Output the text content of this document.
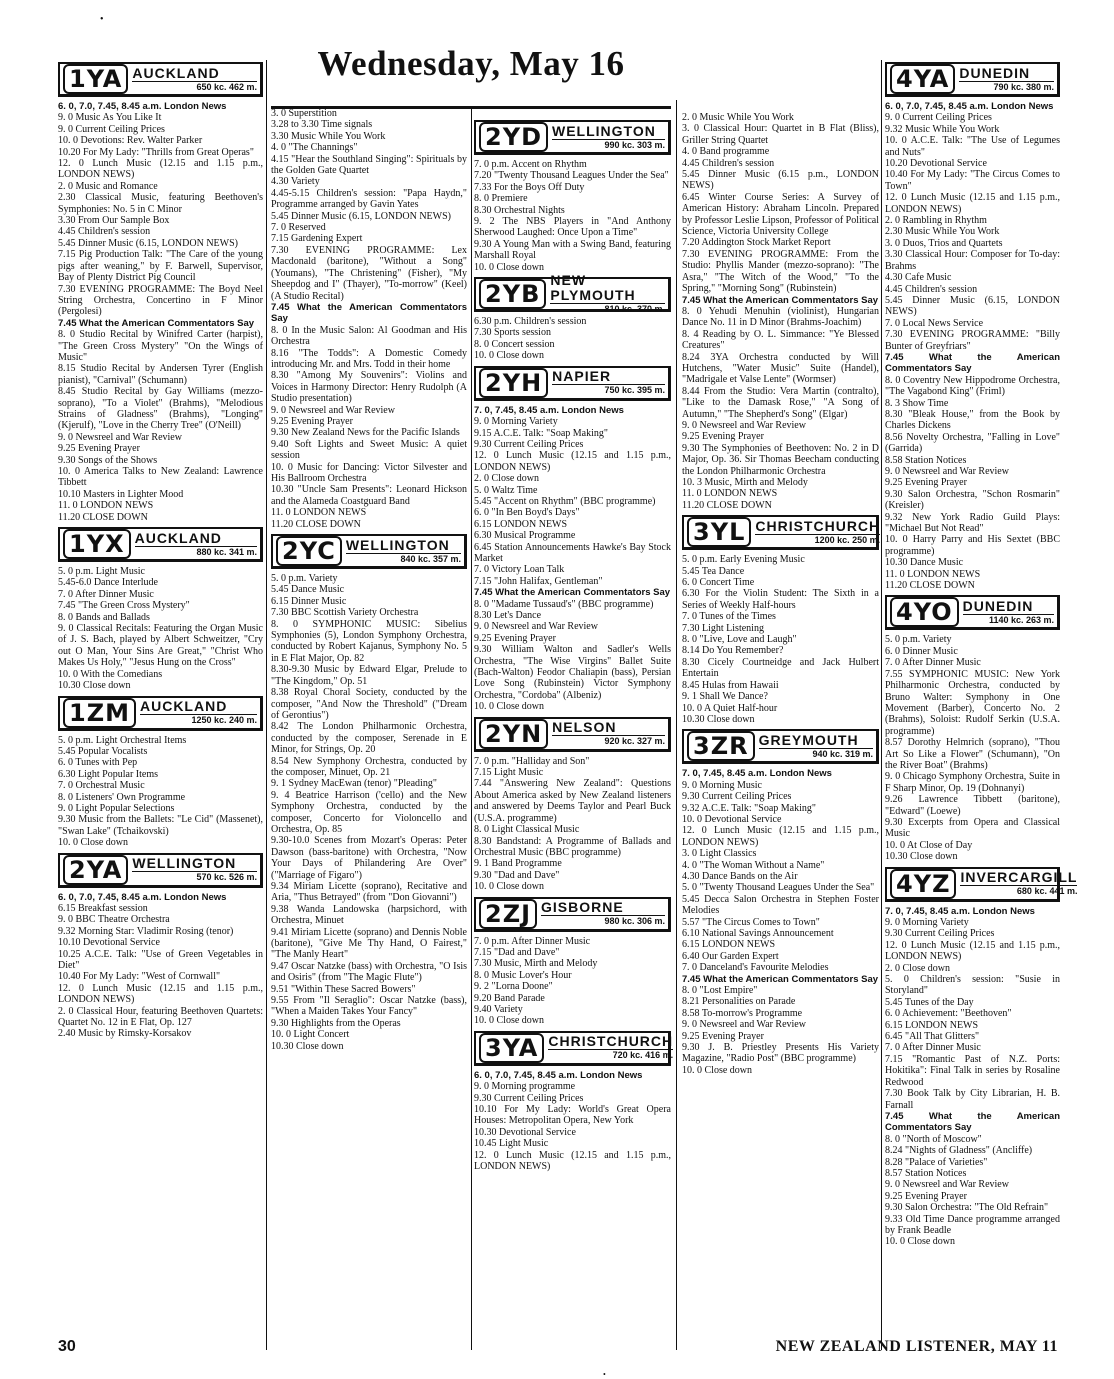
•
1YA AUCKLAND
650 kc. 462 m.

6. 0, 7.0, 7.45, 8.45 a.m. London News

9. 0 Music As You Like It

9. 0 Current Ceiling Prices

10. 0 Devotions: Rev. Walter Parker

10.20 For My Lady: "Thrills from Great Operas"

12. 0 Lunch Music (12.15 and 1.15 p.m., LONDON NEWS)

2. 0 Music and Romance

2.30 Classical Music, featuring Beethoven's Symphonies: No. 5 in C Minor

3.30 From Our Sample Box

4.45 Children's session

5.45 Dinner Music (6.15, LONDON NEWS)

7.15 Pig Production Talk: "The Care of the young pigs after weaning," by F. Barwell, Supervisor, Bay of Plenty District Pig Council

7.30 EVENING PROGRAMME: The Boyd Neel String Orchestra, Concertino in F Minor (Pergolesi)

7.45 What the American Commentators Say

8. 0 Studio Recital by Winifred Carter (harpist), "The Green Cross Mystery" "On the Wings of Music"

8.15 Studio Recital by Andersen Tyrer (English pianist), "Carnival" (Schumann)

8.45 Studio Recital by Gay Williams (mezzo-soprano), "To a Violet" (Brahms), "Melodious Strains of Gladness" (Brahms), "Longing" (Kjerulf), "Love in the Cherry Tree" (O'Neill)

9. 0 Newsreel and War Review

9.25 Evening Prayer

9.30 Songs of the Shows

10. 0 America Talks to New Zealand: Lawrence Tibbett

10.10 Masters in Lighter Mood

11. 0 LONDON NEWS

11.20 CLOSE DOWN

1YX AUCKLAND
880 kc. 341 m.

5. 0 p.m. Light Music

5.45-6.0 Dance Interlude

7. 0 After Dinner Music

7.45 "The Green Cross Mystery"

8. 0 Bands and Ballads

9. 0 Classical Recitals: Featuring the Organ Music of J. S. Bach, played by Albert Schweitzer, "Cry out O Man, Your Sins Are Great," "Christ Who Makes Us Holy," "Jesus Hung on the Cross"

10. 0 With the Comedians

10.30 Close down

1ZM AUCKLAND
1250 kc. 240 m.

5. 0 p.m. Light Orchestral Items

5.45 Popular Vocalists

6. 0 Tunes with Pep

6.30 Light Popular Items

7. 0 Orchestral Music

8. 0 Listeners' Own Programme

9. 0 Light Popular Selections

9.30 Music from the Ballets: "Le Cid" (Massenet), "Swan Lake" (Tchaikovski)

10. 0 Close down

2YA WELLINGTON
570 kc. 526 m.

6. 0, 7.0, 7.45, 8.45 a.m. London News

6.15 Breakfast session

9. 0 BBC Theatre Orchestra

9.32 Morning Star: Vladimir Rosing (tenor)

10.10 Devotional Service

10.25 A.C.E. Talk: "Use of Green Vegetables in Diet"

10.40 For My Lady: "West of Cornwall"

12. 0 Lunch Music (12.15 and 1.15 p.m., LONDON NEWS)

2. 0 Classical Hour, featuring Beethoven Quartets: Quartet No. 12 in E Flat, Op. 127

2.40 Music by Rimsky-Korsakov

Wednesday, May 16

3. 0 Superstition

3.28 to 3.30 Time signals

3.30 Music While You Work

4. 0 "The Channings"

4.15 "Hear the Southland Singing": Spirituals by the Golden Gate Quartet

4.30 Variety

4.45-5.15 Children's session: "Papa Haydn," Programme arranged by Gavin Yates

5.45 Dinner Music (6.15, LONDON NEWS)

7. 0 Reserved

7.15 Gardening Expert

7.30 EVENING PROGRAMME: Lex Macdonald (baritone), "Without a Song" (Youmans), "The Christening" (Fisher), "My Sheepdog and I" (Thayer), "To-morrow" (Keel) (A Studio Recital)

7.45 What the American Commentators Say

8. 0 In the Music Salon: Al Goodman and His Orchestra

8.16 "The Todds": A Domestic Comedy introducing Mr. and Mrs. Todd in their home

8.30 "Among My Souvenirs": Violins and Voices in Harmony Director: Henry Rudolph (A Studio presentation)

9. 0 Newsreel and War Review

9.25 Evening Prayer

9.30 New Zealand News for the Pacific Islands

9.40 Soft Lights and Sweet Music: A quiet session

10. 0 Music for Dancing: Victor Silvester and His Ballroom Orchestra

10.30 "Uncle Sam Presents": Leonard Hickson and the Alameda Coastguard Band

11. 0 LONDON NEWS

11.20 CLOSE DOWN

2YC WELLINGTON
840 kc. 357 m.

5. 0 p.m. Variety

5.45 Dance Music

6.15 Dinner Music

7.30 BBC Scottish Variety Orchestra

8. 0 SYMPHONIC MUSIC: Sibelius Symphonies (5), London Symphony Orchestra, conducted by Robert Kajanus, Symphony No. 5 in E Flat Major, Op. 82

8.30-9.30 Music by Edward Elgar, Prelude to "The Kingdom," Op. 51

8.38 Royal Choral Society, conducted by the composer, "And Now the Threshold" ("Dream of Gerontius")

8.42 The London Philharmonic Orchestra, conducted by the composer, Serenade in E Minor, for Strings, Op. 20

8.54 New Symphony Orchestra, conducted by the composer, Minuet, Op. 21

9. 1 Sydney MacEwan (tenor) "Pleading"

9. 4 Beatrice Harrison ('cello) and the New Symphony Orchestra, conducted by the composer, Concerto for Violoncello and Orchestra, Op. 85

9.30-10.0 Scenes from Mozart's Operas: Peter Dawson (bass-baritone) with Orchestra, "Now Your Days of Philandering Are Over" ("Marriage of Figaro")

9.34 Miriam Licette (soprano), Recitative and Aria, "Thus Betrayed" (from "Don Giovanni")

9.38 Wanda Landowska (harpsichord, with Orchestra, Minuet

9.41 Miriam Licette (soprano) and Dennis Noble (baritone), "Give Me Thy Hand, O Fairest," "The Manly Heart"

9.47 Oscar Natzke (bass) with Orchestra, "O Isis and Osiris" (from "The Magic Flute")

9.51 "Within These Sacred Bowers"

9.55 From "Il Seraglio": Oscar Natzke (bass), "When a Maiden Takes Your Fancy"

9.30 Highlights from the Operas

10. 0 Light Concert

10.30 Close down

2YD WELLINGTON
990 kc. 303 m.

7. 0 p.m. Accent on Rhythm

7.20 "Twenty Thousand Leagues Under the Sea"

7.33 For the Boys Off Duty

8. 0 Premiere

8.30 Orchestral Nights

9. 2 The NBS Players in "And Anthony Sherwood Laughed: Once Upon a Time"

9.30 A Young Man with a Swing Band, featuring Marshall Royal

10. 0 Close down

2YB NEW PLYMOUTH
810 kc. 370 m.

6.30 p.m. Children's session

7.30 Sports session

8. 0 Concert session

10. 0 Close down

2YH NAPIER
750 kc. 395 m.

7. 0, 7.45, 8.45 a.m. London News

9. 0 Morning Variety

9.15 A.C.E. Talk: "Soap Making"

9.30 Current Ceiling Prices

12. 0 Lunch Music (12.15 and 1.15 p.m., LONDON NEWS)

2. 0 Close down

5. 0 Waltz Time

5.45 "Accent on Rhythm" (BBC programme)

6. 0 "In Ben Boyd's Days"

6.15 LONDON NEWS

6.30 Musical Programme

6.45 Station Announcements Hawke's Bay Stock Market

7. 0 Victory Loan Talk

7.15 "John Halifax, Gentleman"

7.45 What the American Commentators Say

8. 0 "Madame Tussaud's" (BBC programme)

8.30 Let's Dance

9. 0 Newsreel and War Review

9.25 Evening Prayer

9.30 William Walton and Sadler's Wells Orchestra, "The Wise Virgins" Ballet Suite (Bach-Walton) Feodor Chaliapin (bass), Persian Love Song (Rubinstein) Victor Symphony Orchestra, "Cordoba" (Albeniz)

10. 0 Close down

2YN NELSON
920 kc. 327 m.

7. 0 p.m. "Halliday and Son"

7.15 Light Music

7.44 "Answering New Zealand": Questions About America asked by New Zealand listeners and answered by Deems Taylor and Pearl Buck (U.S.A. programme)

8. 0 Light Classical Music

8.30 Bandstand: A Programme of Ballads and Orchestral Music (BBC programme)

9. 1 Band Programme

9.30 "Dad and Dave"

10. 0 Close down

2ZJ GISBORNE
980 kc. 306 m.

7. 0 p.m. After Dinner Music

7.15 "Dad and Dave"

7.30 Music, Mirth and Melody

8. 0 Music Lover's Hour

9. 2 "Lorna Doone"

9.20 Band Parade

9.40 Variety

10. 0 Close down

3YA CHRISTCHURCH
720 kc. 416 m.

6. 0, 7.0, 7.45, 8.45 a.m. London News

9. 0 Morning programme

9.30 Current Ceiling Prices

10.10 For My Lady: World's Great Opera Houses: Metropolitan Opera, New York

10.30 Devotional Service

10.45 Light Music

12. 0 Lunch Music (12.15 and 1.15 p.m., LONDON NEWS)

2. 0 Music While You Work

3. 0 Classical Hour: Quartet in B Flat (Bliss), Griller String Quartet

4. 0 Band programme

4.45 Children's session

5.45 Dinner Music (6.15 p.m., LONDON NEWS)

6.45 Winter Course Series: A Survey of American History: Abraham Lincoln. Prepared by Professor Leslie Lipson, Professor of Political Science, Victoria University College

7.20 Addington Stock Market Report

7.30 EVENING PROGRAMME: From the Studio: Phyllis Mander (mezzo-soprano): "The Asra," "The Witch of the Wood," "To the Spring," "Morning Song" (Rubinstein)

7.45 What the American Commentators Say

8. 0 Yehudi Menuhin (violinist), Hungarian Dance No. 11 in D Minor (Brahms-Joachim)

8. 4 Reading by O. L. Simmance: "Ye Blessed Creatures"

8.24 3YA Orchestra conducted by Will Hutchens, "Water Music" Suite (Handel), "Madrigale et Valse Lente" (Wormser)

8.44 From the Studio: Vera Martin (contralto), "Like to the Damask Rose," "A Song of Autumn," "The Shepherd's Song" (Elgar)

9. 0 Newsreel and War Review

9.25 Evening Prayer

9.30 The Symphonies of Beethoven: No. 2 in D Major, Op. 36. Sir Thomas Beecham conducting the London Philharmonic Orchestra

10. 3 Music, Mirth and Melody

11. 0 LONDON NEWS

11.20 CLOSE DOWN

3YL CHRISTCHURCH
1200 kc. 250 m.

5. 0 p.m. Early Evening Music

5.45 Tea Dance

6. 0 Concert Time

6.30 For the Violin Student: The Sixth in a Series of Weekly Half-hours

7. 0 Tunes of the Times

7.30 Light Listening

8. 0 "Live, Love and Laugh"

8.14 Do You Remember?

8.30 Cicely Courtneidge and Jack Hulbert Entertain

8.45 Hulas from Hawaii

9. 1 Shall We Dance?

10. 0 A Quiet Half-hour

10.30 Close down

3ZR GREYMOUTH
940 kc. 319 m.

7. 0, 7.45, 8.45 a.m. London News

9. 0 Morning Music

9.30 Current Ceiling Prices

9.32 A.C.E. Talk: "Soap Making"

10. 0 Devotional Service

12. 0 Lunch Music (12.15 and 1.15 p.m., LONDON NEWS)

3. 0 Light Classics

4. 0 "The Woman Without a Name"

4.30 Dance Bands on the Air

5. 0 "Twenty Thousand Leagues Under the Sea"

5.45 Decca Salon Orchestra in Stephen Foster Melodies

5.57 "The Circus Comes to Town"

6.10 National Savings Announcement

6.15 LONDON NEWS

6.40 Our Garden Expert

7. 0 Danceland's Favourite Melodies

7.45 What the American Commentators Say

8. 0 "Lost Empire"

8.21 Personalities on Parade

8.58 To-morrow's Programme

9. 0 Newsreel and War Review

9.25 Evening Prayer

9.30 J. B. Priestley Presents His Variety Magazine, "Radio Post" (BBC programme)

10. 0 Close down

4YA DUNEDIN
790 kc. 380 m.

6. 0, 7.0, 7.45, 8.45 a.m. London News

9. 0 Current Ceiling Prices

9.32 Music While You Work

10. 0 A.C.E. Talk: "The Use of Legumes and Nuts"

10.20 Devotional Service

10.40 For My Lady: "The Circus Comes to Town"

12. 0 Lunch Music (12.15 and 1.15 p.m., LONDON NEWS)

2. 0 Rambling in Rhythm

2.30 Music While You Work

3. 0 Duos, Trios and Quartets

3.30 Classical Hour: Composer for To-day: Brahms

4.30 Cafe Music

4.45 Children's session

5.45 Dinner Music (6.15, LONDON NEWS)

7. 0 Local News Service

7.30 EVENING PROGRAMME: "Billy Bunter of Greyfriars"

7.45 What the American Commentators Say

8. 0 Coventry New Hippodrome Orchestra, "The Vagabond King" (Friml)

8. 3 Show Time

8.30 "Bleak House," from the Book by Charles Dickens

8.56 Novelty Orchestra, "Falling in Love" (Garrida)

8.58 Station Notices

9. 0 Newsreel and War Review

9.25 Evening Prayer

9.30 Salon Orchestra, "Schon Rosmarin" (Kreisler)

9.32 New York Radio Guild Plays: "Michael But Not Read"

10. 0 Harry Parry and His Sextet (BBC programme)

10.30 Dance Music

11. 0 LONDON NEWS

11.20 CLOSE DOWN

4YO DUNEDIN
1140 kc. 263 m.

5. 0 p.m. Variety

6. 0 Dinner Music

7. 0 After Dinner Music

7.55 SYMPHONIC MUSIC: New York Philharmonic Orchestra, conducted by Bruno Walter: Symphony in One Movement (Barber), Concerto No. 2 (Brahms), Soloist: Rudolf Serkin (U.S.A. programme)

8.57 Dorothy Helmrich (soprano), "Thou Art So Like a Flower" (Schumann), "On the River Boat" (Brahms)

9. 0 Chicago Symphony Orchestra, Suite in F Sharp Minor, Op. 19 (Dohnanyi)

9.26 Lawrence Tibbett (baritone), "Edward" (Loewe)

9.30 Excerpts from Opera and Classical Music

10. 0 At Close of Day

10.30 Close down

4YZ INVERCARGILL
680 kc. 441 m.

7. 0, 7.45, 8.45 a.m. London News

9. 0 Morning Variety

9.30 Current Ceiling Prices

12. 0 Lunch Music (12.15 and 1.15 p.m., LONDON NEWS)

2. 0 Close down

5. 0 Children's session: "Susie in Storyland"

5.45 Tunes of the Day

6. 0 Achievement: "Beethoven"

6.15 LONDON NEWS

6.45 "All That Glitters"

7. 0 After Dinner Music

7.15 "Romantic Past of N.Z. Ports: Hokitika": Final Talk in series by Rosaline Redwood

7.30 Book Talk by City Librarian, H. B. Farnall

7.45 What the American Commentators Say

8. 0 "North of Moscow"

8.24 "Nights of Gladness" (Ancliffe)

8.28 "Palace of Varieties"

8.57 Station Notices

9. 0 Newsreel and War Review

9.25 Evening Prayer

9.30 Salon Orchestra: "The Old Refrain"

9.33 Old Time Dance programme arranged by Frank Beadle

10. 0 Close down

30	NEW ZEALAND LISTENER, MAY 11
•
